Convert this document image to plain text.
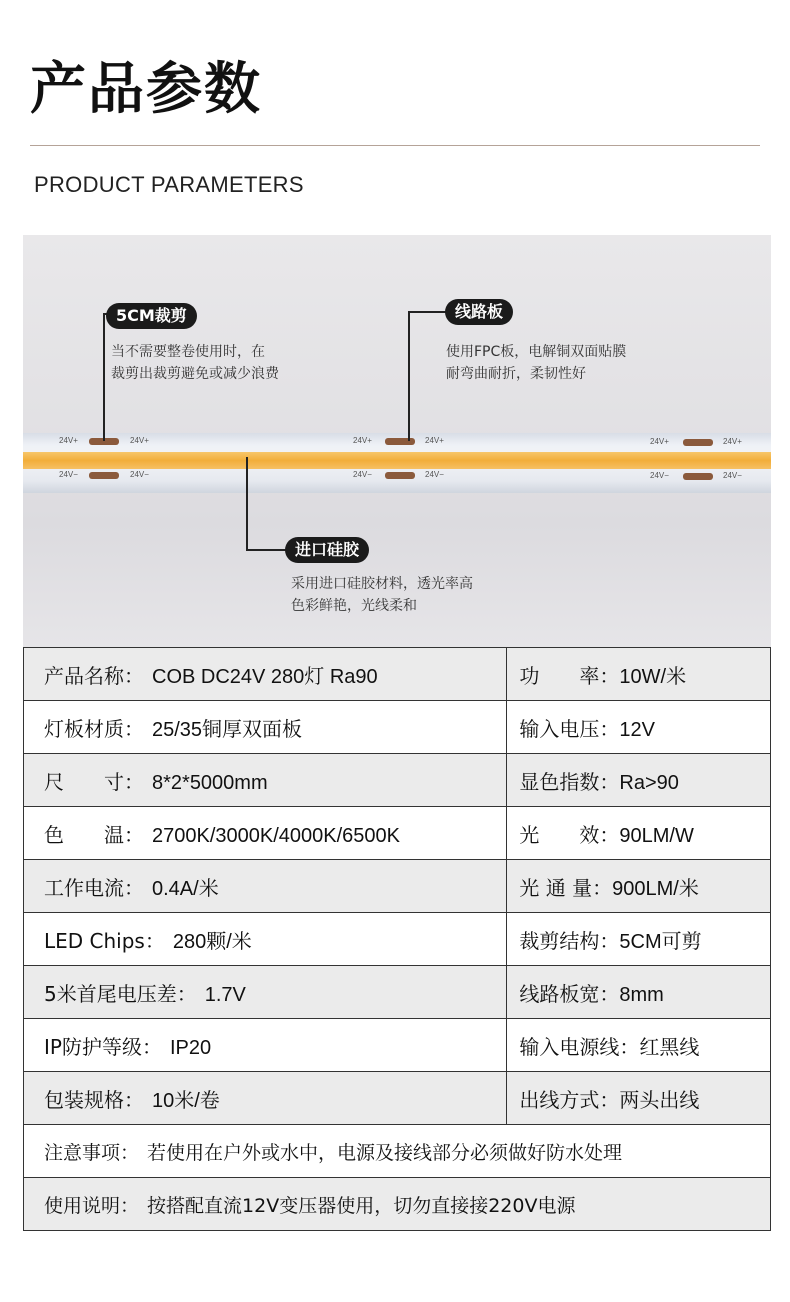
产品参数
PRODUCT PARAMETERS
24V+	24V+
24V−	24V−
24V+	24V+
24V−	24V−
24V+	24V+
24V−	24V−
5CM裁剪
当不需要整卷使用时，在
裁剪出裁剪避免或减少浪费
线路板
使用FPC板，电解铜双面贴膜
耐弯曲耐折，柔韧性好
进口硅胶
采用进口硅胶材料，透光率高
色彩鲜艳，光线柔和
产品名称： COB DC24V 280灯 Ra90	功　　率：10W/米
灯板材质： 25/35铜厚双面板	输入电压：12V
尺　　寸： 8*2*5000mm	显色指数：Ra>90
色　　温： 2700K/3000K/4000K/6500K	光　　效：90LM/W
工作电流： 0.4A/米	光 通 量：900LM/米
LED Chips： 280颗/米	裁剪结构：5CM可剪
5米首尾电压差： 1.7V	线路板宽：8mm
IP防护等级： IP20	输入电源线：红黑线
包装规格： 10米/卷	出线方式：两头出线
注意事项： 若使用在户外或水中，电源及接线部分必须做好防水处理	
使用说明： 按搭配直流12V变压器使用，切勿直接接220V电源	
